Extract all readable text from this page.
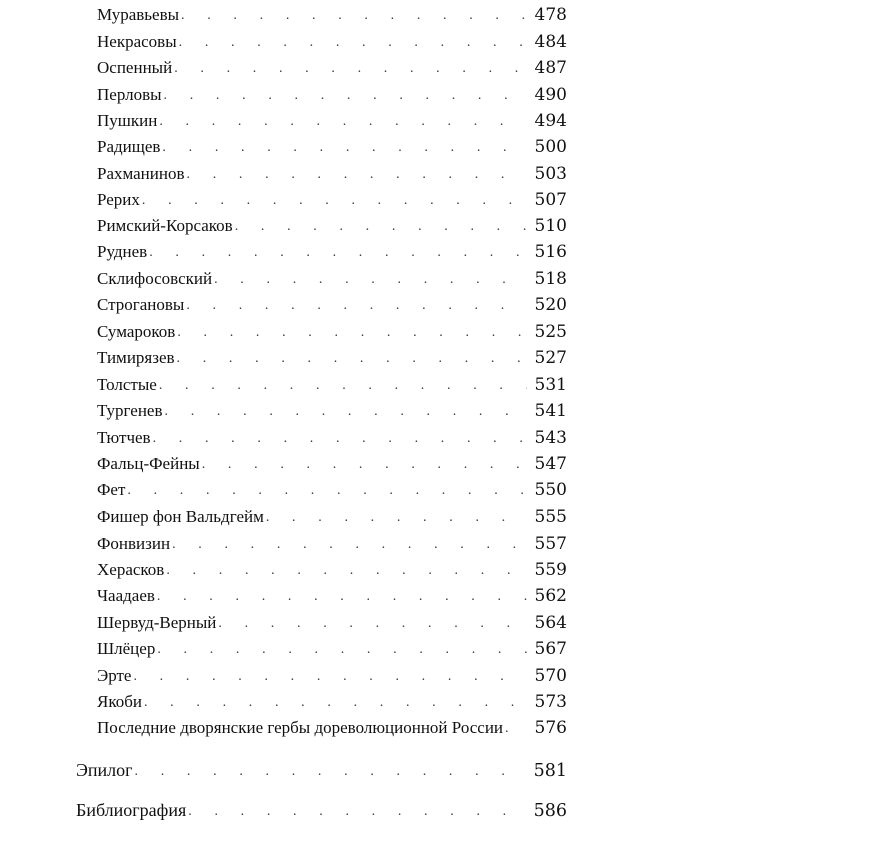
Муравьевы . . .	478
Некрасовы . . .	484
Оспенный . . .	487
Перловы . . .	490
Пушкин . . .	494
Радищев . . .	500
Рахманинов . . .	503
Рерих . . .	507
Римский-Корсаков . . .	510
Руднев . . .	516
Склифосовский . . .	518
Строгановы . . .	520
Сумароков . . .	525
Тимирязев . . .	527
Толстые . . .	531
Тургенев . . .	541
Тютчев . . .	543
Фальц-Фейны . . .	547
Фет . . .	550
Фишер фон Вальдгейм . . .	555
Фонвизин . . .	557
Херасков . . .	559
Чаадаев . . .	562
Шервуд-Верный . . .	564
Шлёцер . . .	567
Эрте . . .	570
Якоби . . .	573
Последние дворянские гербы дореволюционной России . . .	576
Эпилог . . .	581
Библиография . . .	586
